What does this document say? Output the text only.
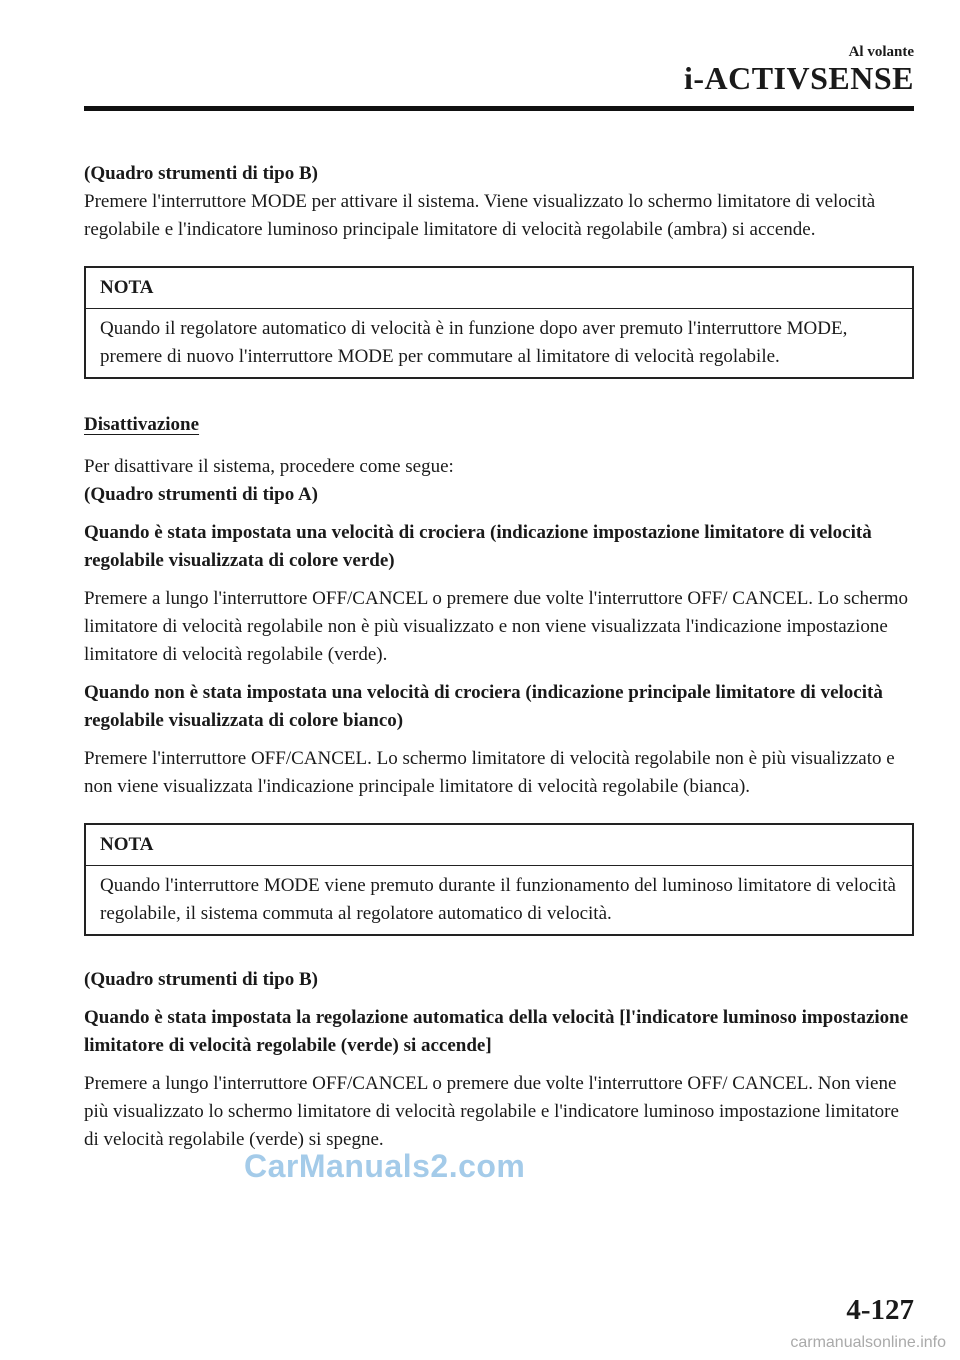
Al volante
i-ACTIVSENSE

(Quadro strumenti di tipo B)

Premere l'interruttore MODE per attivare il sistema. Viene visualizzato lo schermo limitatore di velocità regolabile e l'indicatore luminoso principale limitatore di velocità regolabile (ambra) si accende.

NOTA
Quando il regolatore automatico di velocità è in funzione dopo aver premuto l'interruttore MODE, premere di nuovo l'interruttore MODE per commutare al limitatore di velocità regolabile.

Disattivazione

Per disattivare il sistema, procedere come segue:

(Quadro strumenti di tipo A)

Quando è stata impostata una velocità di crociera (indicazione impostazione limitatore di velocità regolabile visualizzata di colore verde)

Premere a lungo l'interruttore OFF/CANCEL o premere due volte l'interruttore OFF/ CANCEL. Lo schermo limitatore di velocità regolabile non è più visualizzato e non viene visualizzata l'indicazione impostazione limitatore di velocità regolabile (verde).

Quando non è stata impostata una velocità di crociera (indicazione principale limitatore di velocità regolabile visualizzata di colore bianco)

Premere l'interruttore OFF/CANCEL. Lo schermo limitatore di velocità regolabile non è più visualizzato e non viene visualizzata l'indicazione principale limitatore di velocità regolabile (bianca).

NOTA
Quando l'interruttore MODE viene premuto durante il funzionamento del luminoso limitatore di velocità regolabile, il sistema commuta al regolatore automatico di velocità.

(Quadro strumenti di tipo B)

Quando è stata impostata la regolazione automatica della velocità [l'indicatore luminoso impostazione limitatore di velocità regolabile (verde) si accende]

Premere a lungo l'interruttore OFF/CANCEL o premere due volte l'interruttore OFF/ CANCEL. Non viene più visualizzato lo schermo limitatore di velocità regolabile e l'indicatore luminoso impostazione limitatore di velocità regolabile (verde) si spegne.

CarManuals2.com
4-127
carmanualsonline.info
